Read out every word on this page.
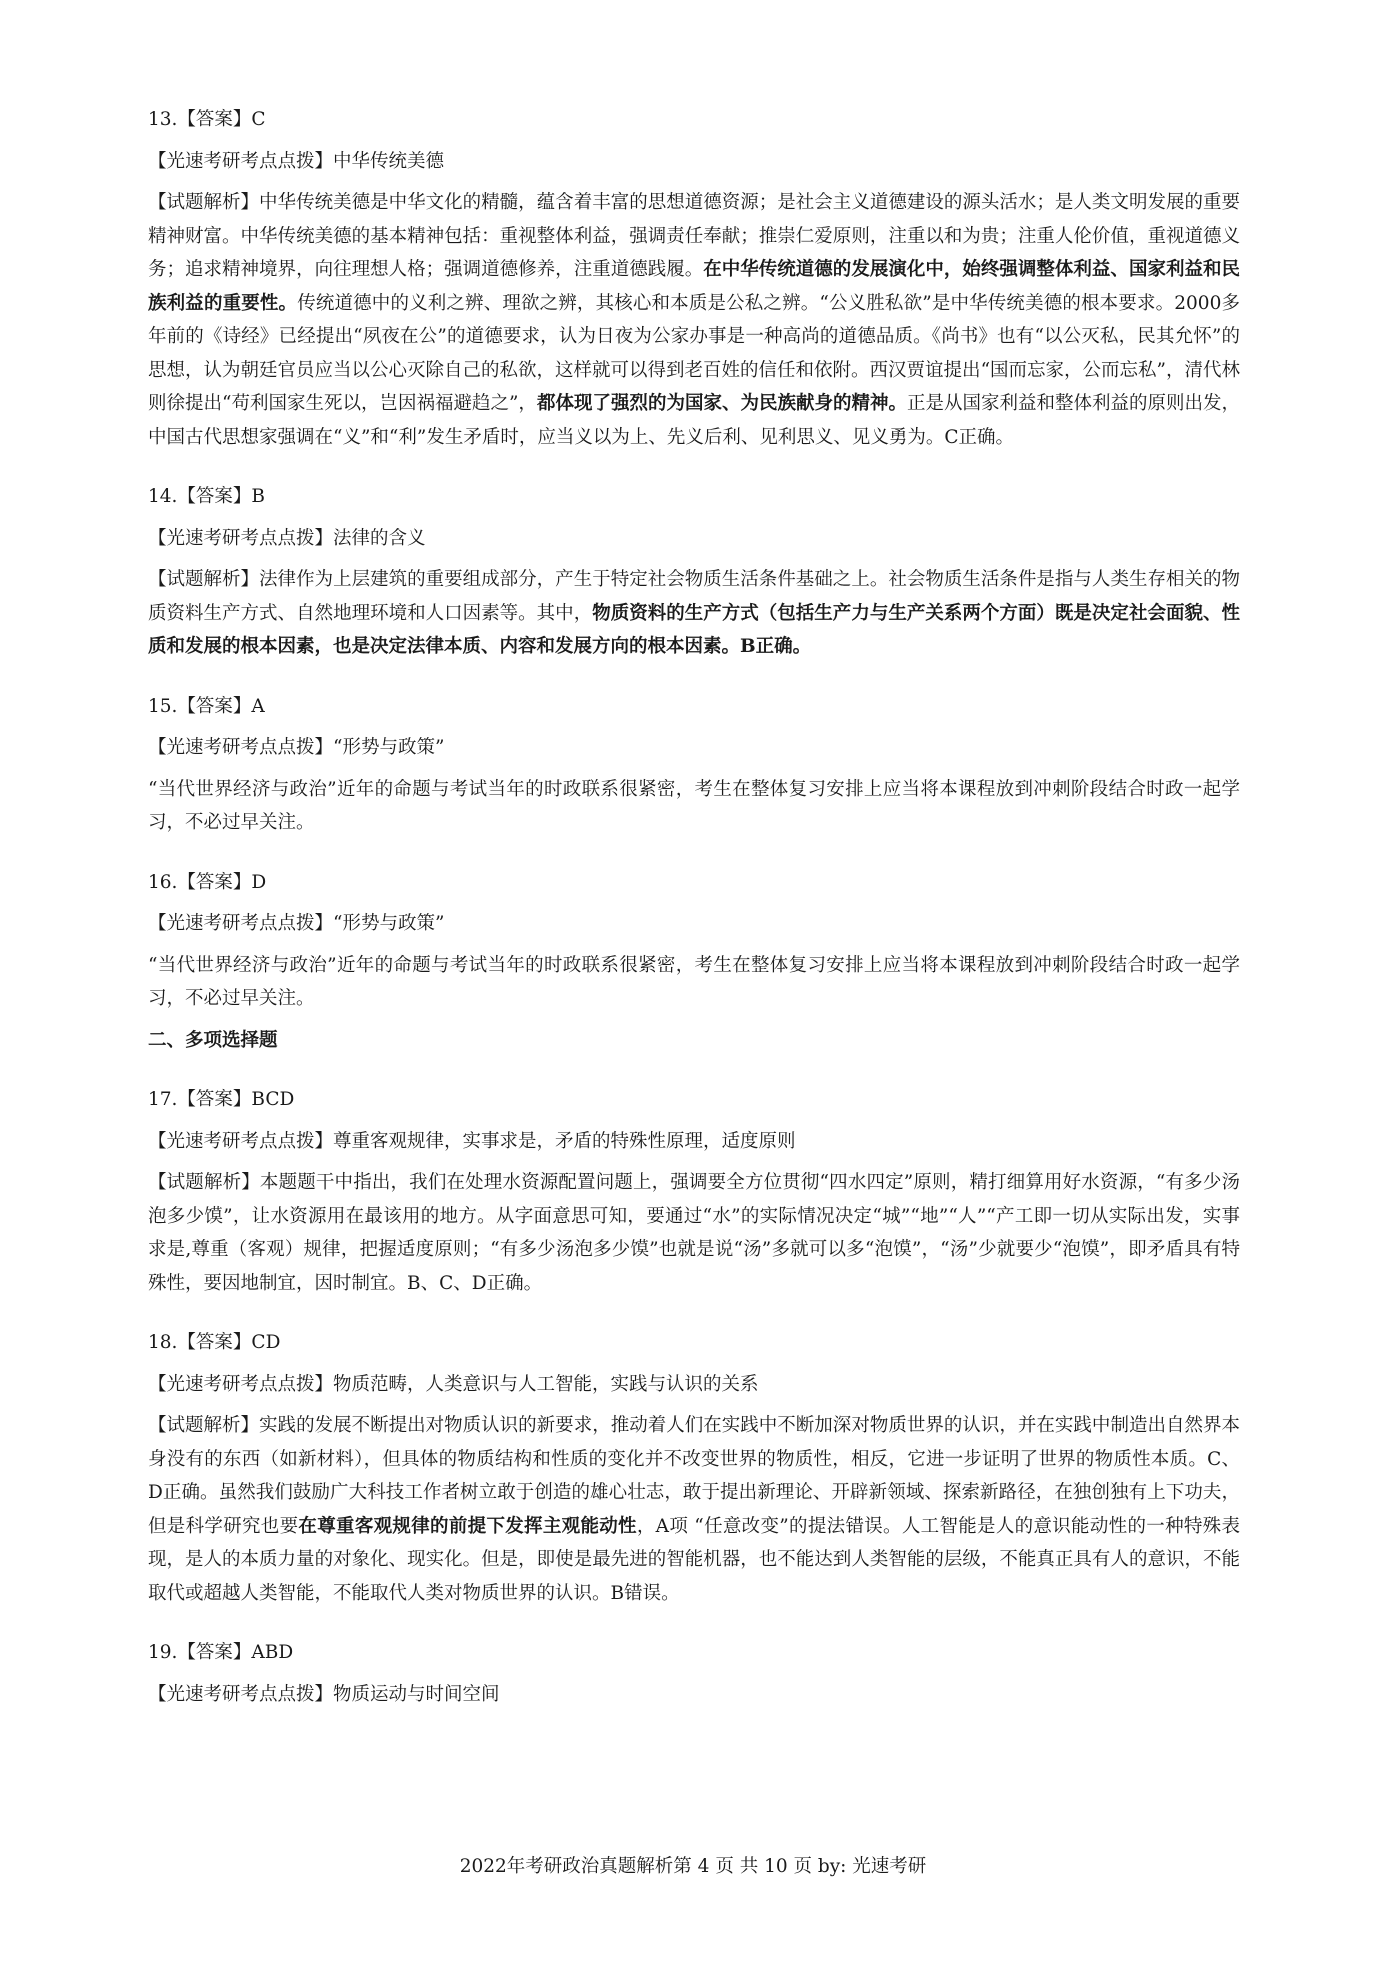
13.【答案】C

【光速考研考点点拨】中华传统美德

【试题解析】中华传统美德是中华文化的精髓，蕴含着丰富的思想道德资源；是社会主义道德建设的源头活水；是人类文明发展的重要精神财富。中华传统美德的基本精神包括：重视整体利益，强调责任奉献；推崇仁爱原则，注重以和为贵；注重人伦价值，重视道德义务；追求精神境界，向往理想人格；强调道德修养，注重道德践履。在中华传统道德的发展演化中，始终强调整体利益、国家利益和民族利益的重要性。传统道德中的义利之辨、理欲之辨，其核心和本质是公私之辨。“公义胜私欲”是中华传统美德的根本要求。2000多年前的《诗经》已经提出“夙夜在公”的道德要求，认为日夜为公家办事是一种高尚的道德品质。《尚书》也有“以公灭私，民其允怀”的思想，认为朝廷官员应当以公心灭除自己的私欲，这样就可以得到老百姓的信任和依附。西汉贾谊提出“国而忘家，公而忘私”，清代林则徐提出“苟利国家生死以，岂因祸福避趋之”，都体现了强烈的为国家、为民族献身的精神。正是从国家利益和整体利益的原则出发，中国古代思想家强调在“义”和“利”发生矛盾时，应当义以为上、先义后利、见利思义、见义勇为。C正确。

14.【答案】B

【光速考研考点点拨】法律的含义

【试题解析】法律作为上层建筑的重要组成部分，产生于特定社会物质生活条件基础之上。社会物质生活条件是指与人类生存相关的物质资料生产方式、自然地理环境和人口因素等。其中，物质资料的生产方式（包括生产力与生产关系两个方面）既是决定社会面貌、性质和发展的根本因素，也是决定法律本质、内容和发展方向的根本因素。B正确。

15.【答案】A

【光速考研考点点拨】“形势与政策”

“当代世界经济与政治”近年的命题与考试当年的时政联系很紧密，考生在整体复习安排上应当将本课程放到冲刺阶段结合时政一起学习，不必过早关注。

16.【答案】D

【光速考研考点点拨】“形势与政策”

“当代世界经济与政治”近年的命题与考试当年的时政联系很紧密，考生在整体复习安排上应当将本课程放到冲刺阶段结合时政一起学习，不必过早关注。

二、多项选择题

17.【答案】BCD

【光速考研考点点拨】尊重客观规律，实事求是，矛盾的特殊性原理，适度原则

【试题解析】本题题干中指出，我们在处理水资源配置问题上，强调要全方位贯彻“四水四定”原则，精打细算用好水资源，“有多少汤泡多少馍”，让水资源用在最该用的地方。从字面意思可知，要通过“水”的实际情况决定“城”“地”“人”“产工即一切从实际出发，实事求是,尊重（客观）规律，把握适度原则；“有多少汤泡多少馍”也就是说“汤”多就可以多“泡馍”，“汤”少就要少“泡馍”，即矛盾具有特殊性，要因地制宜，因时制宜。B、C、D正确。

18.【答案】CD

【光速考研考点点拨】物质范畴，人类意识与人工智能，实践与认识的关系

【试题解析】实践的发展不断提出对物质认识的新要求，推动着人们在实践中不断加深对物质世界的认识，并在实践中制造出自然界本身没有的东西（如新材料），但具体的物质结构和性质的变化并不改变世界的物质性，相反，它进一步证明了世界的物质性本质。C、D正确。虽然我们鼓励广大科技工作者树立敢于创造的雄心壮志，敢于提出新理论、开辟新领域、探索新路径，在独创独有上下功夫，但是科学研究也要在尊重客观规律的前提下发挥主观能动性，A项 “任意改变”的提法错误。人工智能是人的意识能动性的一种特殊表现，是人的本质力量的对象化、现实化。但是，即使是最先进的智能机器，也不能达到人类智能的层级，不能真正具有人的意识，不能取代或超越人类智能，不能取代人类对物质世界的认识。B错误。

19.【答案】ABD

【光速考研考点点拨】物质运动与时间空间

2022年考研政治真题解析第 4 页 共 10 页 by: 光速考研
